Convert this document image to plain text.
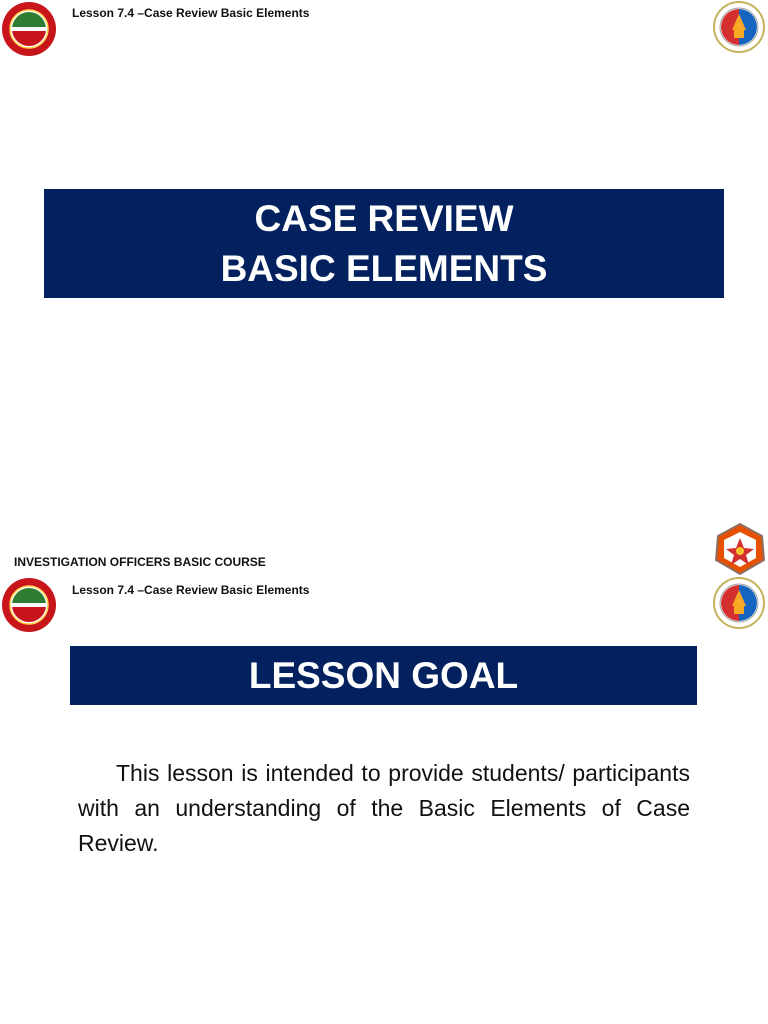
Lesson 7.4 –Case Review Basic Elements
CASE REVIEW
BASIC ELEMENTS
INVESTIGATION OFFICERS BASIC COURSE
Lesson 7.4 –Case Review Basic Elements
LESSON GOAL

This lesson is intended to provide students/ participants with an understanding of the Basic Elements of Case Review.
